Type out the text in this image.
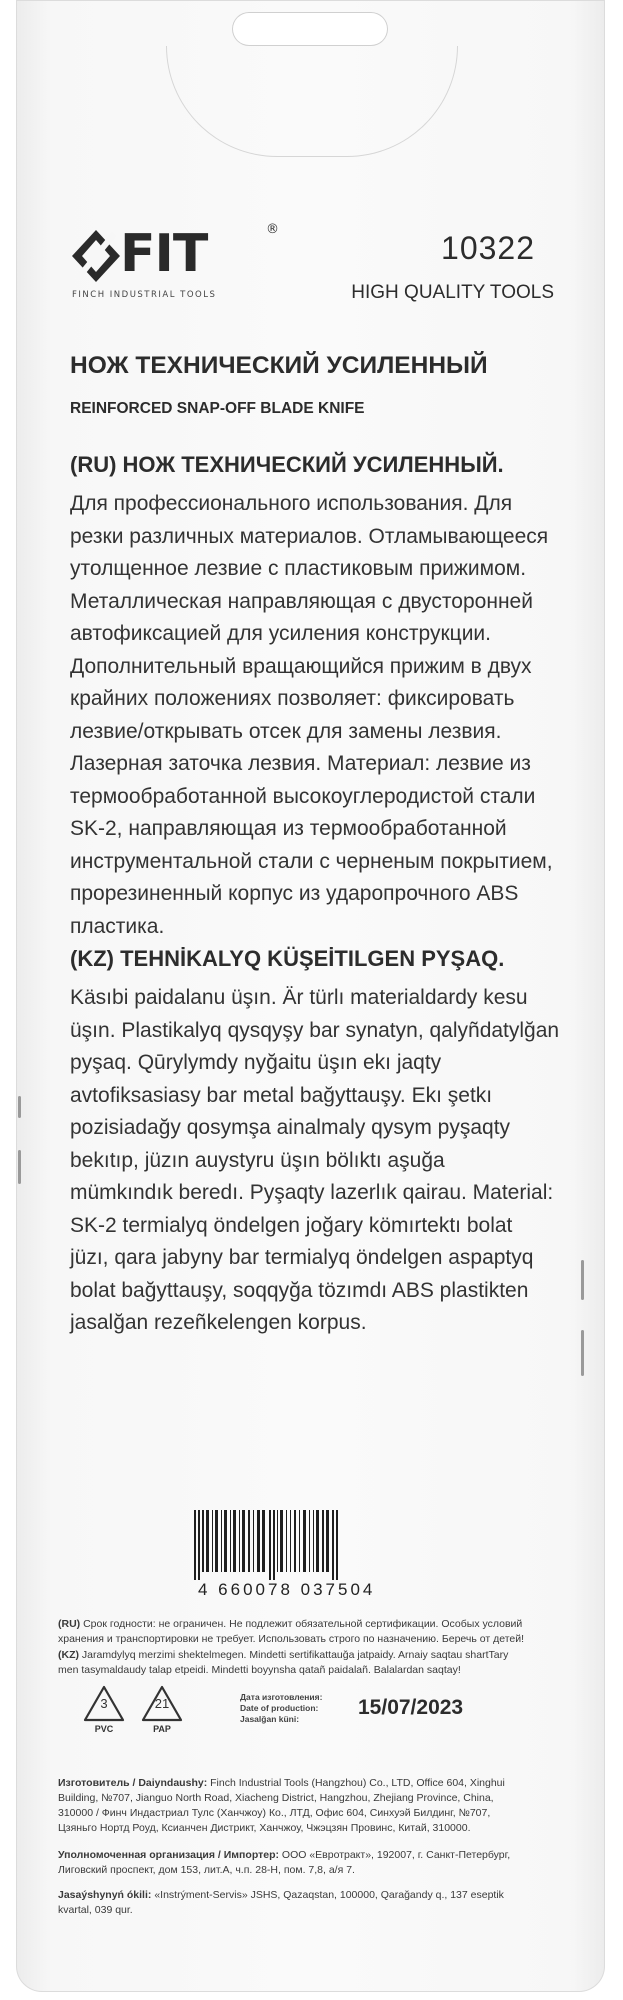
FIT	®
FINCH INDUSTRIAL TOOLS
10322
HIGH QUALITY TOOLS
НОЖ ТЕХНИЧЕСКИЙ УСИЛЕННЫЙ
REINFORCED SNAP-OFF BLADE KNIFE
(RU) НОЖ ТЕХНИЧЕСКИЙ УСИЛЕННЫЙ.
Для профессионального использования. Для
резки различных материалов. Отламывающееся
утолщенное лезвие с пластиковым прижимом.
Металлическая направляющая с двусторонней
автофиксацией для усиления конструкции.
Дополнительный вращающийся прижим в двух
крайних положениях позволяет: фиксировать
лезвие/открывать отсек для замены лезвия.
Лазерная заточка лезвия. Материал: лезвие из
термообработанной высокоуглеродистой стали
SK-2, направляющая из термообработанной
инструментальной стали с черненым покрытием,
прорезиненный корпус из ударопрочного ABS
пластика.
(KZ) TEHNİKALYQ KÜŞEİTILGEN PYŞAQ.
Käsıbi paidalanu üşın. Är türlı materialdardy kesu
üşın. Plastikalyq qysqyşy bar synatyn, qalyñdatylğan
pyşaq. Qūrylymdy nyğaitu üşın ekı jaqty
avtofiksasiasy bar metal bağyttauşy. Ekı şetkı
pozisiadağy qosymşa ainalmaly qysym pyşaqty
bekıtıp, jüzın auystyru üşın bölıktı aşuğa
mümkındık beredı. Pyşaqty lazerlık qairau. Material:
SK-2 termialyq öndelgen joğary kömırtektı bolat
jüzı, qara jabyny bar termialyq öndelgen aspaptyq
bolat bağyttauşy, soqqyğa tözımdı ABS plastikten
jasalğan rezeñkelengen korpus.
4 660078 037504
(RU) Срок годности: не ограничен. Не подлежит обязательной сертификации. Особых условий
хранения и транспортировки не требует. Использовать строго по назначению. Беречь от детей!
(KZ) Jaramdylyq merzimi shektelmegen. Mindetti sertifikattauğa jatpaidy. Arnaiy saqtau shartTary
men tasymaldaudy talap etpeidi. Mindetti boyynsha qatañ paidalañ. Balalardan saqtay!
3
PVC
21
PAP
Дата изготовления:
Date of production:
Jasalğan küni:	15/07/2023
Изготовитель / Daiyndaushy: Finch Industrial Tools (Hangzhou) Co., LTD, Office 604, Xinghui
Building, №707, Jianguo North Road, Xiacheng District, Hangzhou, Zhejiang Province, China,
310000 / Финч Индастриал Тулс (Ханчжоу) Ко., ЛТД, Офис 604, Синхуэй Билдинг, №707,
Цзяньго Нортд Роуд, Ксианчен Дистрикт, Ханчжоу, Чжэцзян Провинс, Китай, 310000.
Уполномоченная организация / Импортер: ООО «Евротракт», 192007, г. Санкт-Петербург,
Лиговский проспект, дом 153, лит.А, ч.п. 28-Н, пом. 7,8, а/я 7.
Jasaýshynyń ókili: «Instrýment-Servis» JSHS, Qazaqstan, 100000, Qarağandy q., 137 eseptik
kvartal, 039 qur.
